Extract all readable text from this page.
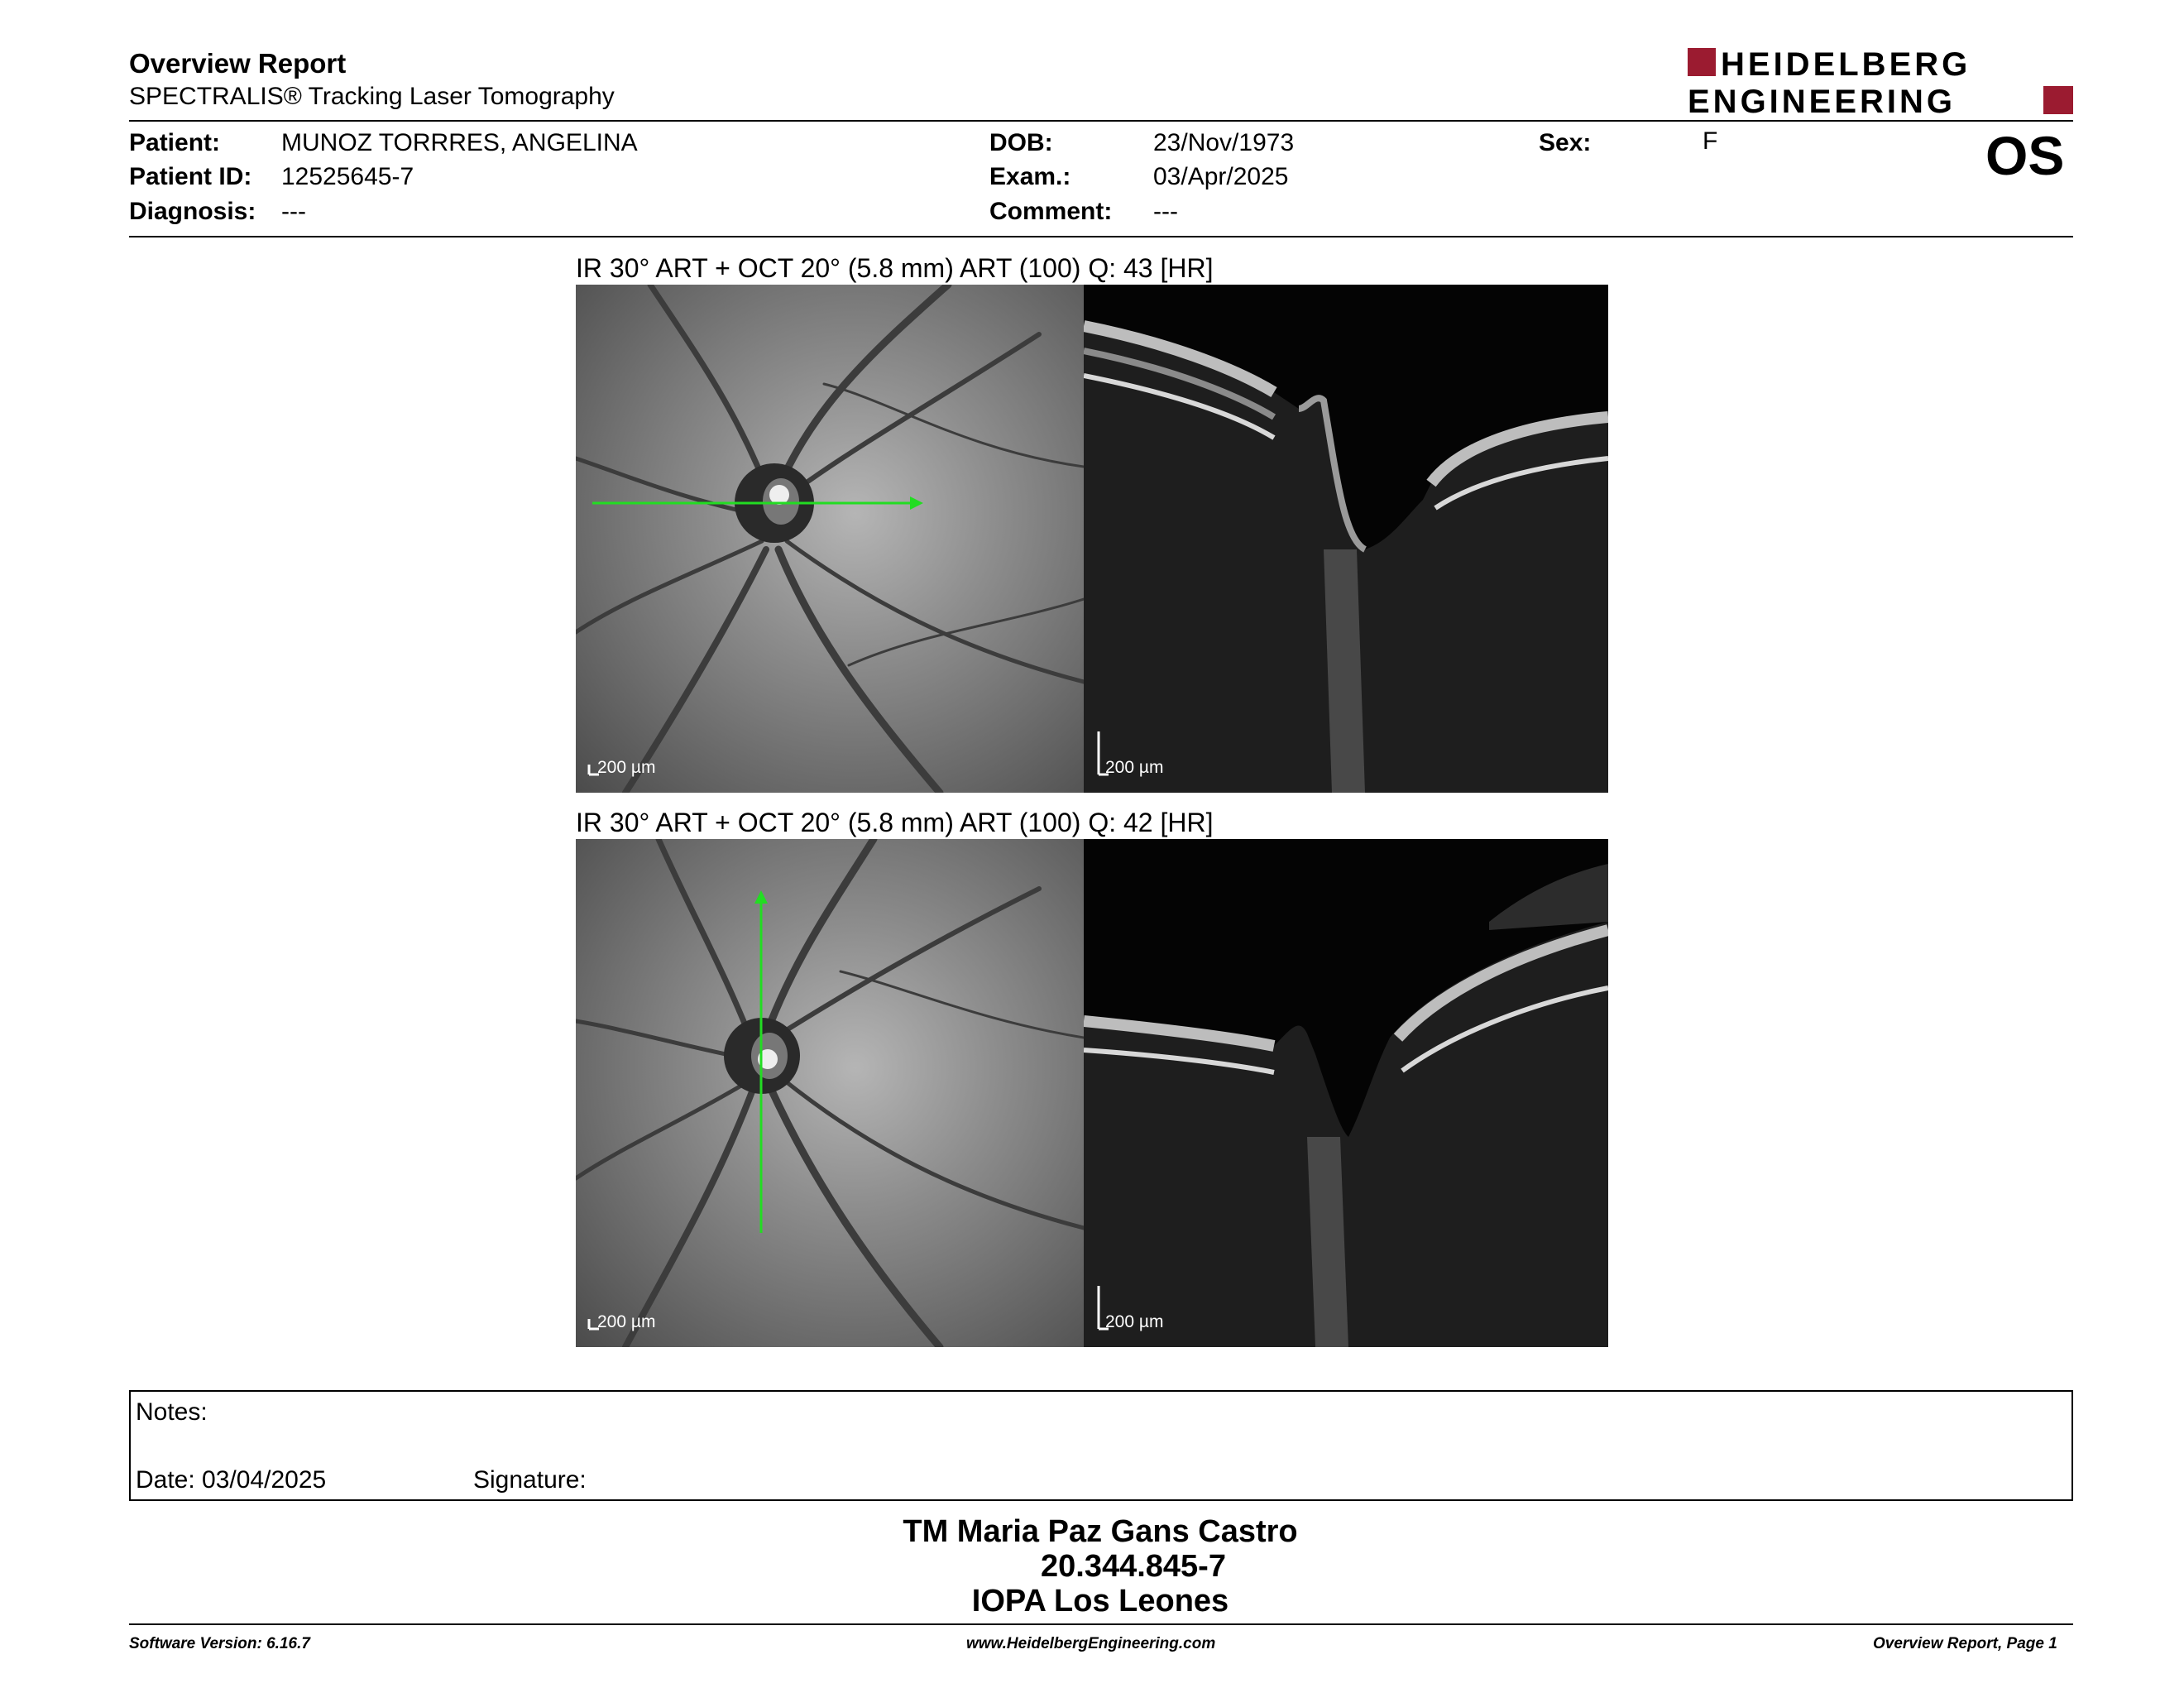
Overview Report
SPECTRALIS® Tracking Laser Tomography
HEIDELBERG
ENGINEERING
Patient: MUNOZ TORRRES, ANGELINA
Patient ID: 12525645-7
Diagnosis: ---
DOB:	23/Nov/1973
Exam.:	03/Apr/2025
Comment: ---
Sex:	F	OS
IR 30° ART + OCT 20° (5.8 mm) ART (100) Q: 43 [HR]
200 µm	200 µm
IR 30° ART + OCT 20° (5.8 mm) ART (100) Q: 42 [HR]
200 µm	200 µm
Notes:
Date: 03/04/2025	Signature:
TM Maria Paz Gans Castro
20.344.845-7
IOPA Los Leones
Software Version: 6.16.7	www.HeidelbergEngineering.com	Overview Report, Page 1
